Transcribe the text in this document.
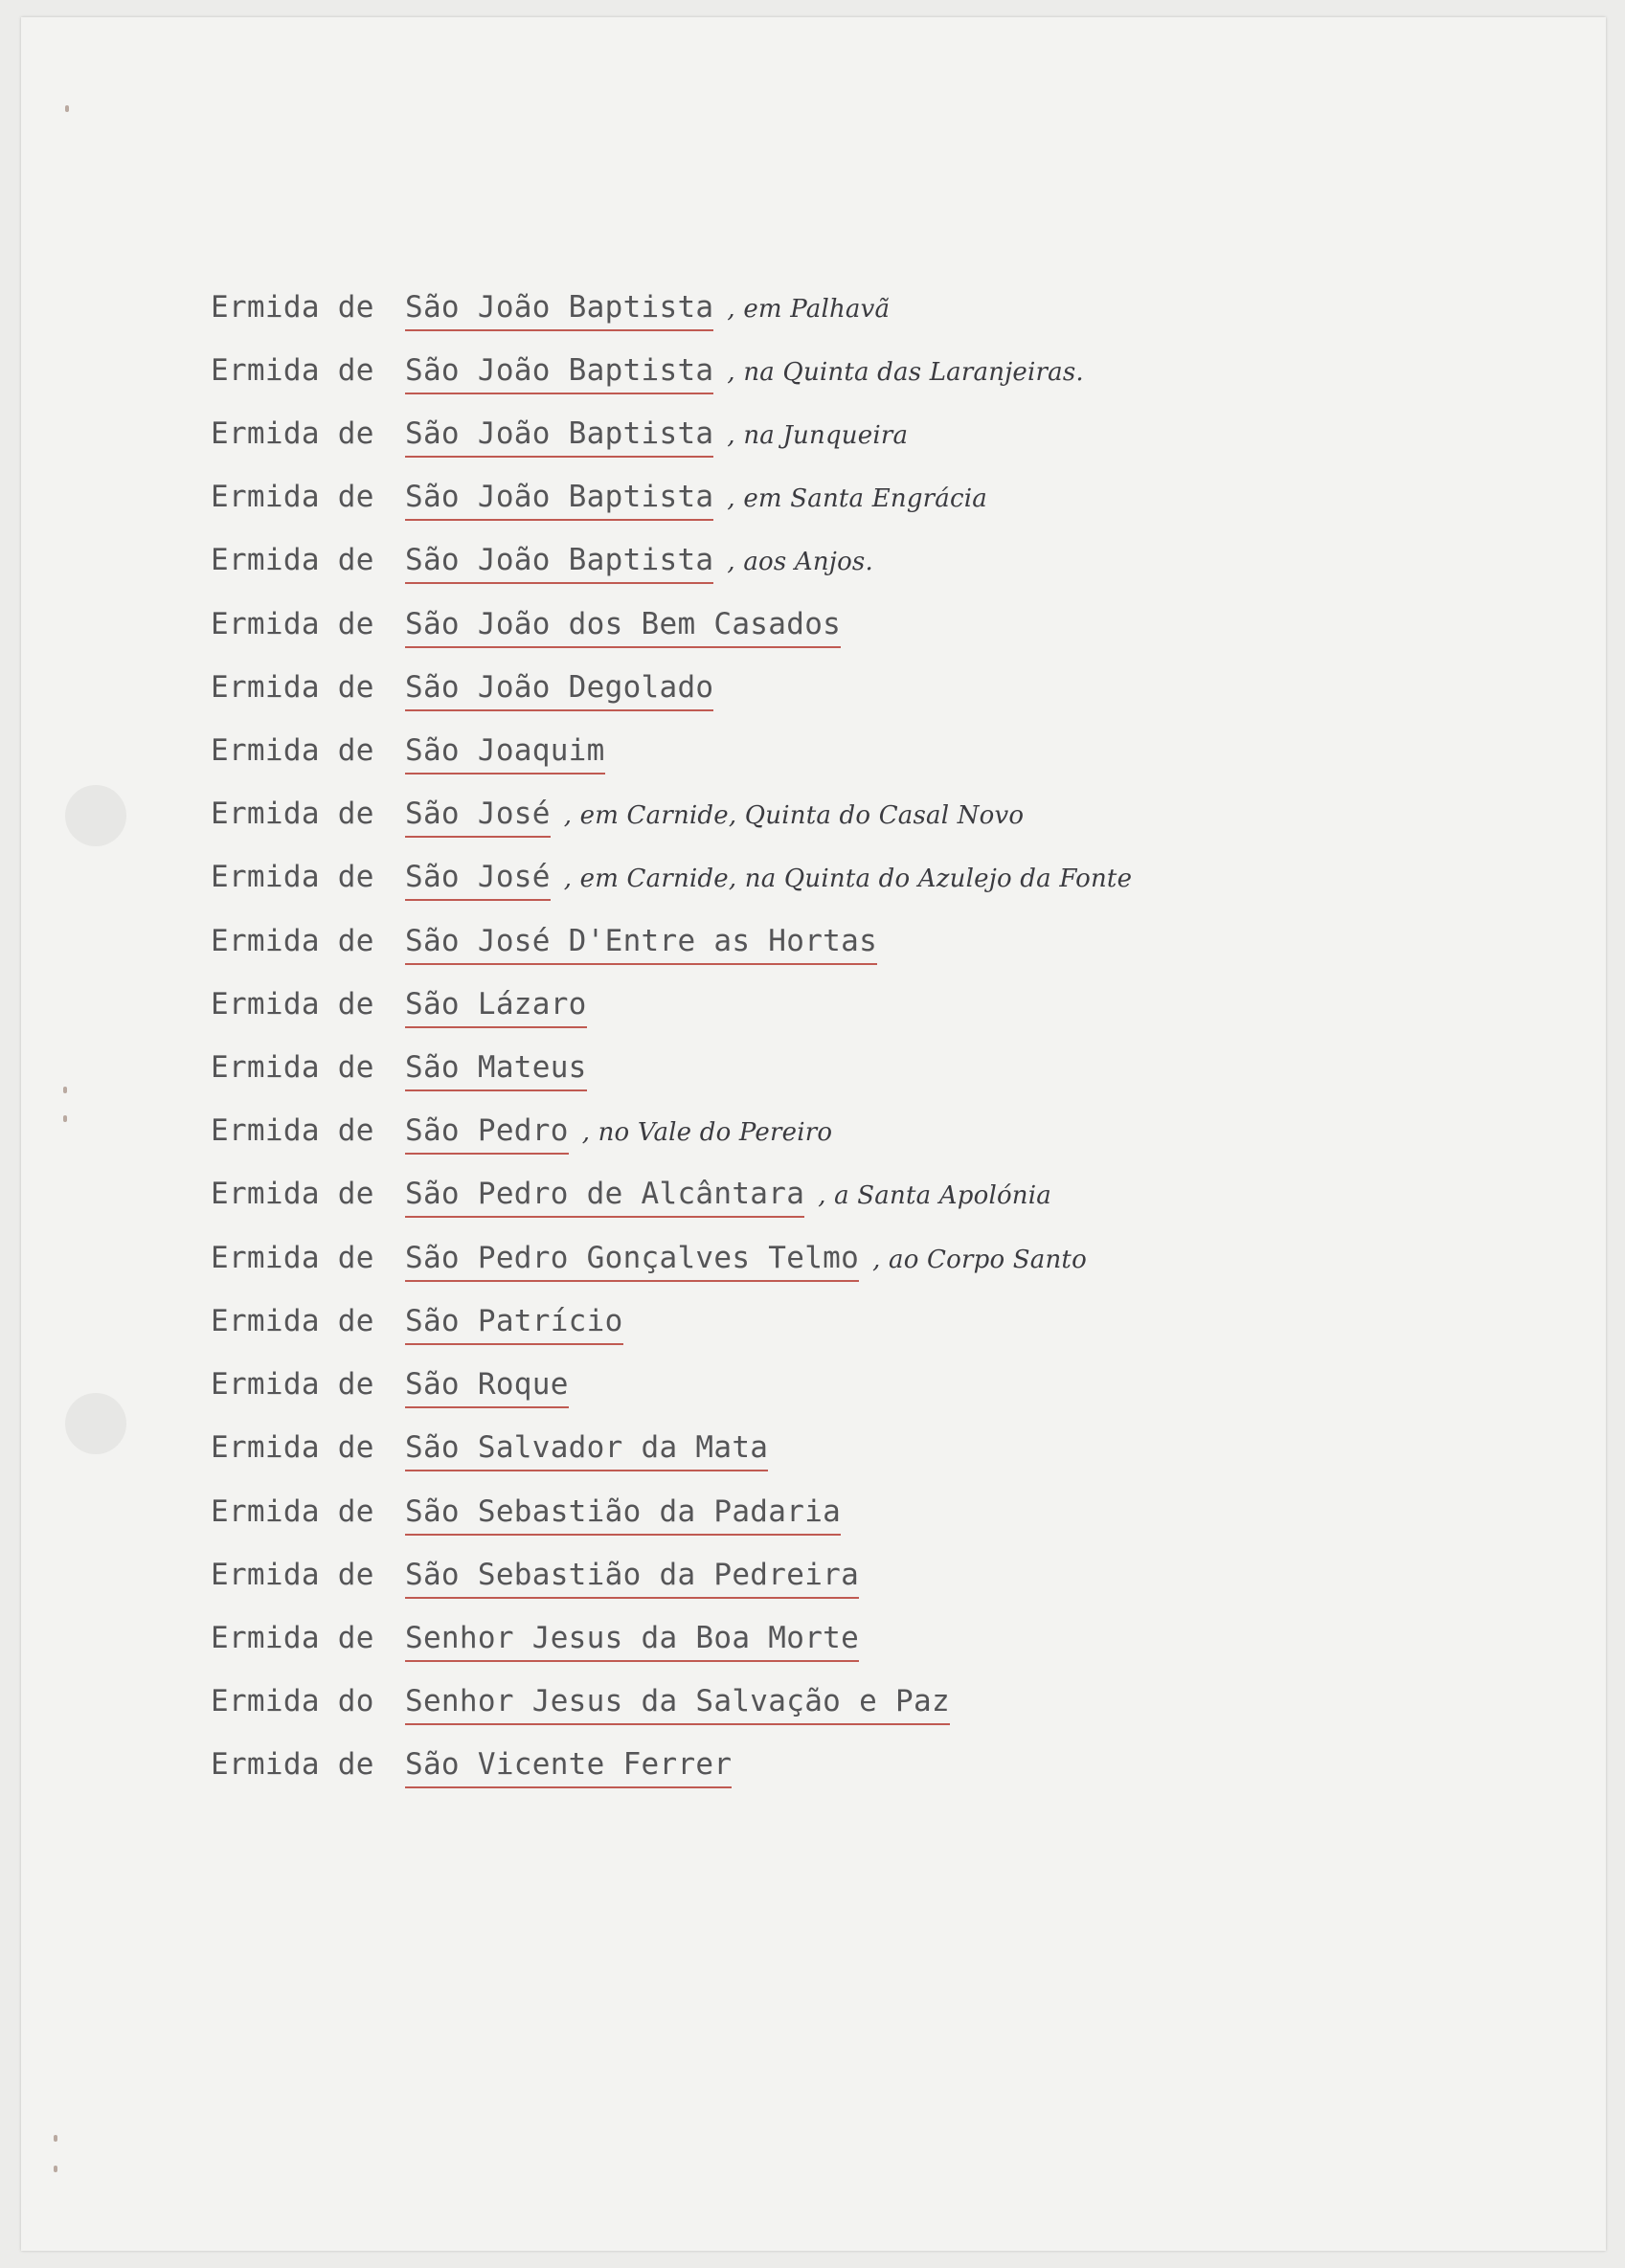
Ermida de São João Baptista , em Palhavã
Ermida de São João Baptista , na Quinta das Laranjeiras.
Ermida de São João Baptista , na Junqueira
Ermida de São João Baptista , em Santa Engrácia
Ermida de São João Baptista , aos Anjos.
Ermida de São João dos Bem Casados
Ermida de São João Degolado
Ermida de São Joaquim
Ermida de São José , em Carnide, Quinta do Casal Novo
Ermida de São José , em Carnide, na Quinta do Azulejo da Fonte
Ermida de São José D'Entre as Hortas
Ermida de São Lázaro
Ermida de São Mateus
Ermida de São Pedro , no Vale do Pereiro
Ermida de São Pedro de Alcântara , a Santa Apolónia
Ermida de São Pedro Gonçalves Telmo , ao Corpo Santo
Ermida de São Patrício
Ermida de São Roque
Ermida de São Salvador da Mata
Ermida de São Sebastião da Padaria
Ermida de São Sebastião da Pedreira
Ermida de Senhor Jesus da Boa Morte
Ermida do Senhor Jesus da Salvação e Paz
Ermida de São Vicente Ferrer
